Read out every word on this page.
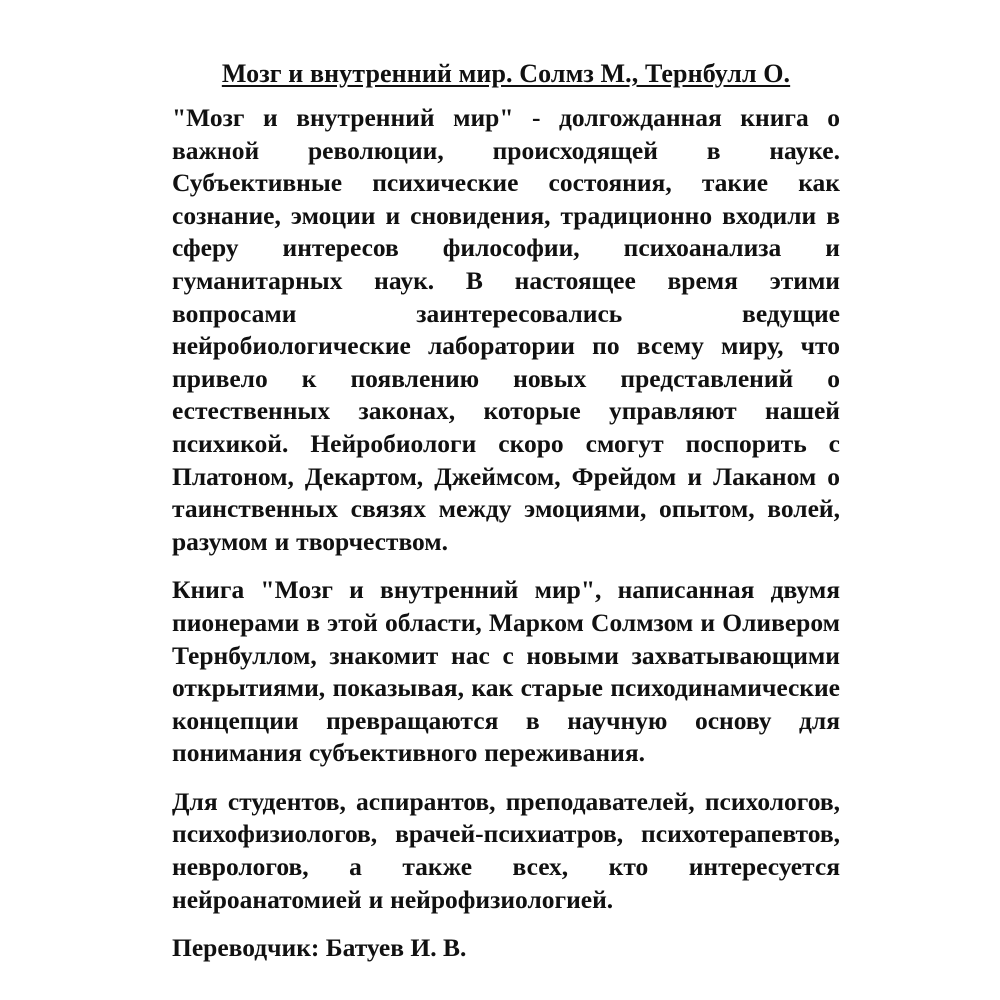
Мозг и внутренний мир. Солмз М., Тернбулл О.

"Мозг и внутренний мир" - долгожданная книга о важной революции, происходящей в науке. Субъективные психические состояния, такие как сознание, эмоции и сновидения, традиционно входили в сферу интересов философии, психоанализа и гуманитарных наук. В настоящее время этими вопросами заинтересовались ведущие нейробиологические лаборатории по всему миру, что привело к появлению новых представлений о естественных законах, которые управляют нашей психикой. Нейробиологи скоро смогут поспорить с Платоном, Декартом, Джеймсом, Фрейдом и Лаканом о таинственных связях между эмоциями, опытом, волей, разумом и творчеством.

Книга "Мозг и внутренний мир", написанная двумя пионерами в этой области, Марком Солмзом и Оливером Тернбуллом, знакомит нас с новыми захватывающими открытиями, показывая, как старые психодинамические концепции превращаются в научную основу для понимания субъективного переживания.

Для студентов, аспирантов, преподавателей, психологов, психофизиологов, врачей-психиатров, психотерапевтов, неврологов, а также всех, кто интересуется нейроанатомией и нейрофизиологией.

Переводчик: Батуев И. В.
